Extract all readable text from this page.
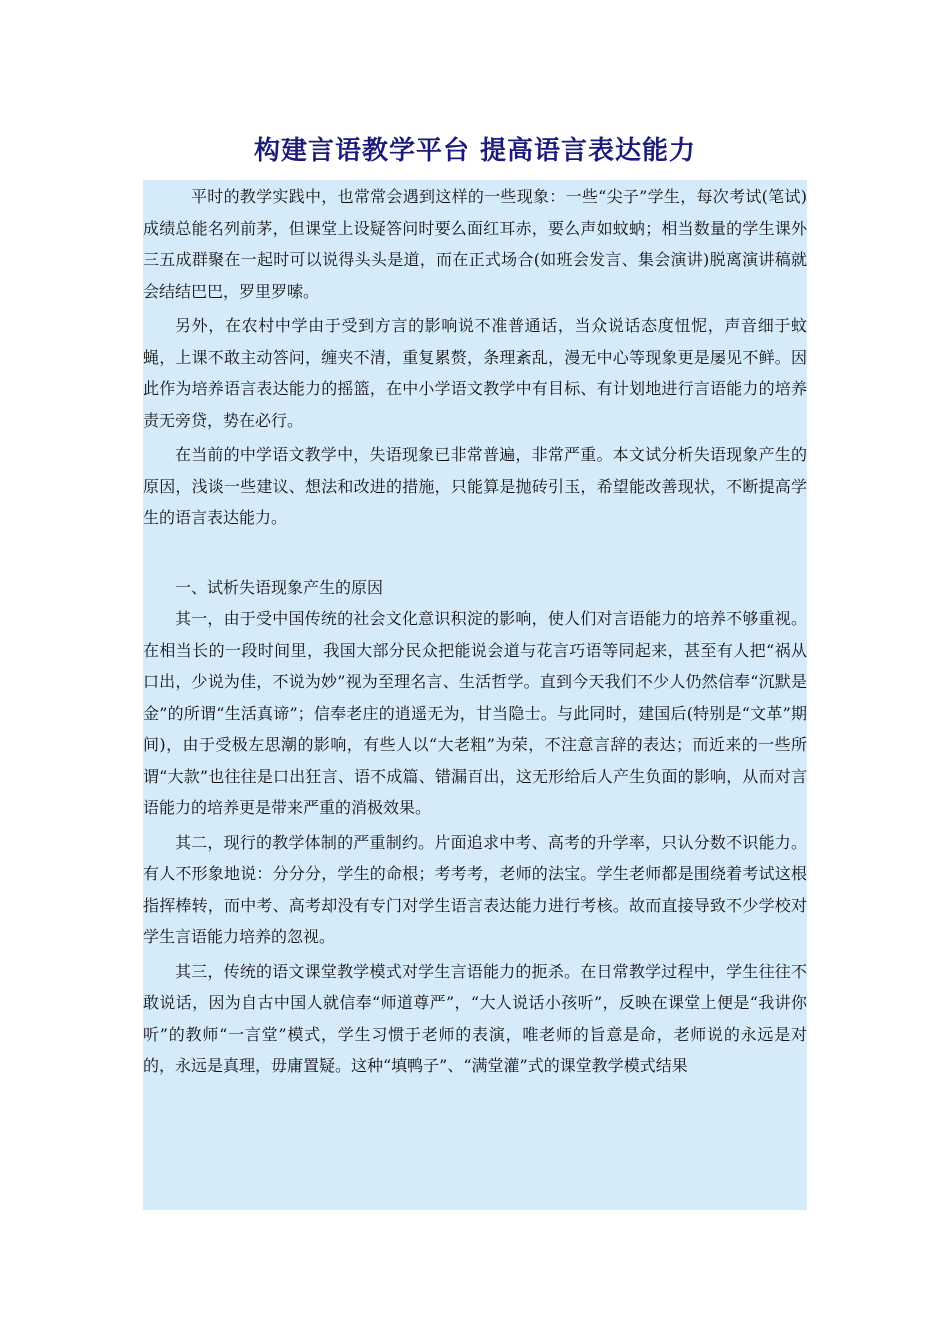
构建言语教学平台 提高语言表达能力

平时的教学实践中，也常常会遇到这样的一些现象：一些“尖子”学生，每次考试(笔试)成绩总能名列前茅，但课堂上设疑答问时要么面红耳赤，要么声如蚊蚋；相当数量的学生课外三五成群聚在一起时可以说得头头是道，而在正式场合(如班会发言、集会演讲)脱离演讲稿就会结结巴巴，罗里罗嗦。

另外，在农村中学由于受到方言的影响说不准普通话，当众说话态度忸怩，声音细于蚊蝇，上课不敢主动答问，缠夹不清，重复累赘，条理紊乱，漫无中心等现象更是屡见不鲜。因此作为培养语言表达能力的摇篮，在中小学语文教学中有目标、有计划地进行言语能力的培养责无旁贷，势在必行。

在当前的中学语文教学中，失语现象已非常普遍，非常严重。本文试分析失语现象产生的原因，浅谈一些建议、想法和改进的措施，只能算是抛砖引玉，希望能改善现状，不断提高学生的语言表达能力。

一、试析失语现象产生的原因

其一，由于受中国传统的社会文化意识积淀的影响，使人们对言语能力的培养不够重视。在相当长的一段时间里，我国大部分民众把能说会道与花言巧语等同起来，甚至有人把“祸从口出，少说为佳，不说为妙”视为至理名言、生活哲学。直到今天我们不少人仍然信奉“沉默是金”的所谓“生活真谛”；信奉老庄的逍遥无为，甘当隐士。与此同时，建国后(特别是“文革”期间)，由于受极左思潮的影响，有些人以“大老粗”为荣，不注意言辞的表达；而近来的一些所谓“大款”也往往是口出狂言、语不成篇、错漏百出，这无形给后人产生负面的影响，从而对言语能力的培养更是带来严重的消极效果。

其二，现行的教学体制的严重制约。片面追求中考、高考的升学率，只认分数不识能力。有人不形象地说：分分分，学生的命根；考考考，老师的法宝。学生老师都是围绕着考试这根指挥棒转，而中考、高考却没有专门对学生语言表达能力进行考核。故而直接导致不少学校对学生言语能力培养的忽视。

其三，传统的语文课堂教学模式对学生言语能力的扼杀。在日常教学过程中，学生往往不敢说话，因为自古中国人就信奉“师道尊严”，“大人说话小孩听”，反映在课堂上便是“我讲你听”的教师“一言堂”模式，学生习惯于老师的表演，唯老师的旨意是命，老师说的永远是对的，永远是真理，毋庸置疑。这种“填鸭子”、“满堂灌”式的课堂教学模式结果
